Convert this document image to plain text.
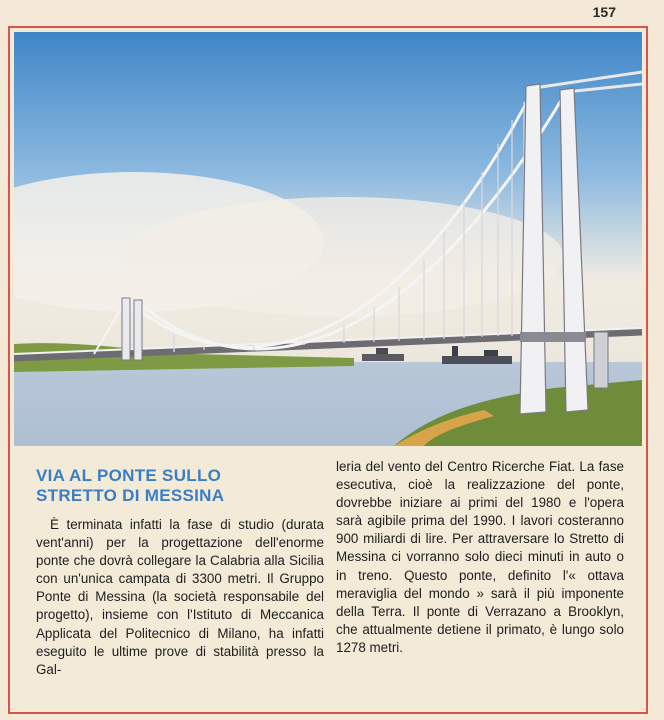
157
VIA AL PONTE SULLO
STRETTO DI MESSINA

È terminata infatti la fase di studio (durata vent'anni) per la progettazione dell'enorme ponte che dovrà collegare la Calabria alla Sicilia con un'unica campata di 3300 metri. Il Gruppo Ponte di Messina (la società responsabile del progetto), insieme con l'Istituto di Meccanica Applicata del Politecnico di Milano, ha infatti eseguito le ultime prove di stabilità presso la Gal-

leria del vento del Centro Ricerche Fiat. La fase esecutiva, cioè la realizzazione del ponte, dovrebbe iniziare ai primi del 1980 e l'opera sarà agibile prima del 1990. I lavori costeranno 900 miliardi di lire. Per attraversare lo Stretto di Messina ci vorranno solo dieci minuti in auto o in treno. Questo ponte, definito l'« ottava meraviglia del mondo » sarà il più imponente della Terra. Il ponte di Verrazano a Brooklyn, che attualmente detiene il primato, è lungo solo 1278 metri.
